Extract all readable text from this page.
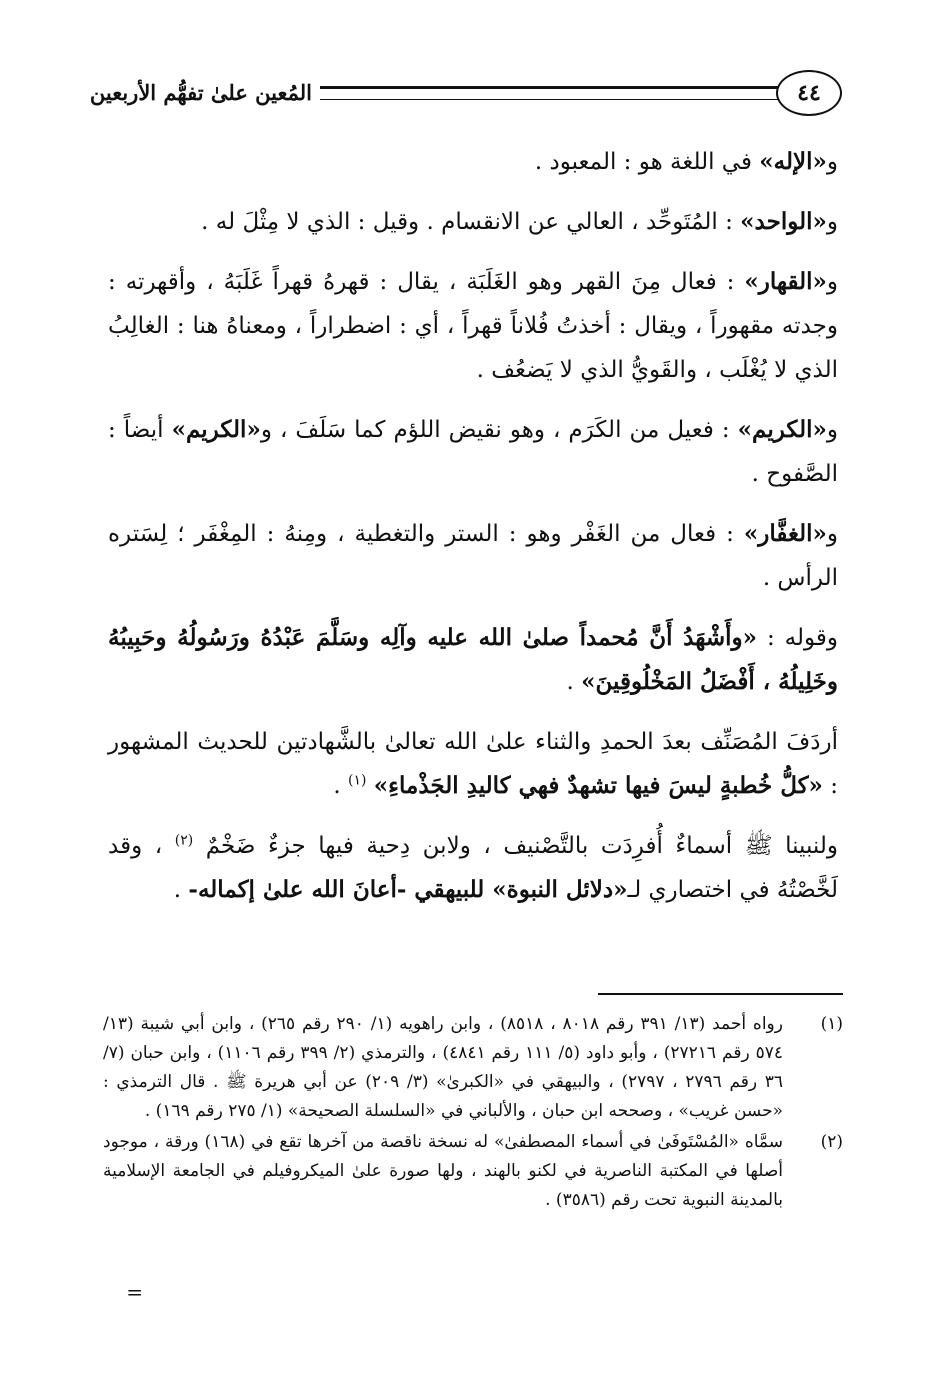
٤٤
المُعين علىٰ تفهُّم الأربعين

و«الإله» في اللغة هو : المعبود .

و«الواحد» : المُتَوحِّد ، العالي عن الانقسام . وقيل : الذي لا مِثْلَ له .

و«القهار» : فعال مِنَ القهر وهو الغَلَبَة ، يقال : قهرهُ قهراً غَلَبَهُ ، وأقهرته : وجدته مقهوراً ، ويقال : أخذتُ فُلاناً قهراً ، أي : اضطراراً ، ومعناهُ هنا : الغالِبُ الذي لا يُغْلَب ، والقَويُّ الذي لا يَضعُف .

و«الكريم» : فعيل من الكَرَم ، وهو نقيض اللؤم كما سَلَفَ ، و«الكريم» أيضاً : الصَّفوح .

و«الغفَّار» : فعال من الغَفْر وهو : الستر والتغطية ، ومِنهُ : المِغْفَر ؛ لِسَتره الرأس .

وقوله : «وأَشْهَدُ أَنَّ مُحمداً صلىٰ الله عليه وآلِه وسَلَّمَ عَبْدُهُ ورَسُولُهُ وحَبِيبُهُ وخَلِيلُهُ ، أَفْضَلُ المَخْلُوقِينَ» .

أردَفَ المُصَنِّف بعدَ الحمدِ والثناء علىٰ الله تعالىٰ بالشَّهادتين للحديث المشهور : «كلُّ خُطبةٍ ليسَ فيها تشهدٌ فهي كاليدِ الجَذْماءِ» $^{(١)}$ .

ولنبينا ﷺ أسماءٌ أُفرِدَت بالتَّصْنيف ، ولابن دِحية فيها جزءٌ ضَخْمٌ $^{(٢)}$ ، وقد لَخَّصْتُهُ في اختصاري لـ«دلائل النبوة» للبيهقي -أعانَ الله علىٰ إكماله- .

(١)
رواه أحمد (١٣/ ٣٩١ رقم ٨٠١٨ ، ٨٥١٨) ، وابن راهويه (١/ ٢٩٠ رقم ٢٦٥) ، وابن أبي شيبة (١٣/ ٥٧٤ رقم ٢٧٢١٦) ، وأبو داود (٥/ ١١١ رقم ٤٨٤١) ، والترمذي (٢/ ٣٩٩ رقم ١١٠٦) ، وابن حبان (٧/ ٣٦ رقم ٢٧٩٦ ، ٢٧٩٧) ، والبيهقي في «الكبرىٰ» (٣/ ٢٠٩) عن أبي هريرة ﷺ . قال الترمذي : «حسن غريب» ، وصححه ابن حبان ، والألباني في «السلسلة الصحيحة» (١/ ٢٧٥ رقم ١٦٩) .
(٢)
سمَّاه «المُسْتَوفَىٰ في أسماء المصطفىٰ» له نسخة ناقصة من آخرها تقع في (١٦٨) ورقة ، موجود أصلها في المكتبة الناصرية في لكنو بالهند ، ولها صورة علىٰ الميكروفيلم في الجامعة الإسلامية بالمدينة النبوية تحت رقم (٣٥٨٦) .
=
